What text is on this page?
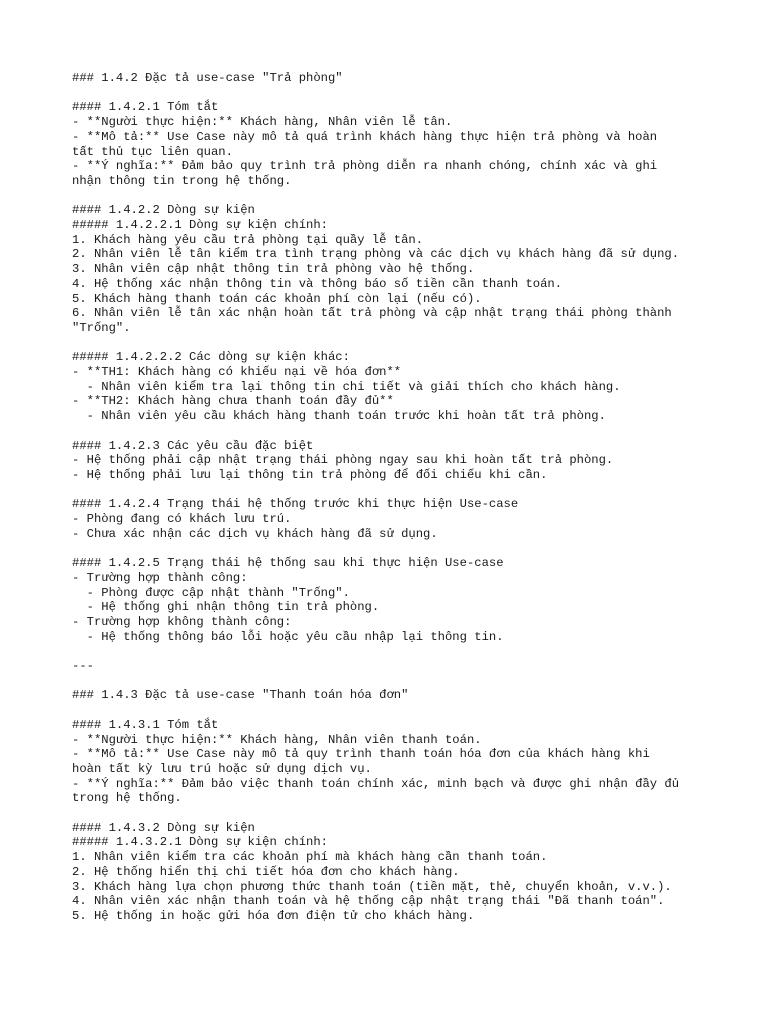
### 1.4.2 Đặc tả use-case "Trả phòng"
#### 1.4.2.1 Tóm tắt
- **Người thực hiện:** Khách hàng, Nhân viên lễ tân.
- **Mô tả:** Use Case này mô tả quá trình khách hàng thực hiện trả phòng và hoàn
tất thủ tục liên quan.
- **Ý nghĩa:** Đảm bảo quy trình trả phòng diễn ra nhanh chóng, chính xác và ghi
nhận thông tin trong hệ thống.
#### 1.4.2.2 Dòng sự kiện
##### 1.4.2.2.1 Dòng sự kiện chính:
1. Khách hàng yêu cầu trả phòng tại quầy lễ tân.
2. Nhân viên lễ tân kiểm tra tình trạng phòng và các dịch vụ khách hàng đã sử dụng.
3. Nhân viên cập nhật thông tin trả phòng vào hệ thống.
4. Hệ thống xác nhận thông tin và thông báo số tiền cần thanh toán.
5. Khách hàng thanh toán các khoản phí còn lại (nếu có).
6. Nhân viên lễ tân xác nhận hoàn tất trả phòng và cập nhật trạng thái phòng thành
"Trống".
##### 1.4.2.2.2 Các dòng sự kiện khác:
- **TH1: Khách hàng có khiếu nại về hóa đơn**
- Nhân viên kiểm tra lại thông tin chi tiết và giải thích cho khách hàng.
- **TH2: Khách hàng chưa thanh toán đầy đủ**
- Nhân viên yêu cầu khách hàng thanh toán trước khi hoàn tất trả phòng.
#### 1.4.2.3 Các yêu cầu đặc biệt
- Hệ thống phải cập nhật trạng thái phòng ngay sau khi hoàn tất trả phòng.
- Hệ thống phải lưu lại thông tin trả phòng để đối chiếu khi cần.
#### 1.4.2.4 Trạng thái hệ thống trước khi thực hiện Use-case
- Phòng đang có khách lưu trú.
- Chưa xác nhận các dịch vụ khách hàng đã sử dụng.
#### 1.4.2.5 Trạng thái hệ thống sau khi thực hiện Use-case
- Trường hợp thành công:
- Phòng được cập nhật thành "Trống".
- Hệ thống ghi nhận thông tin trả phòng.
- Trường hợp không thành công:
- Hệ thống thông báo lỗi hoặc yêu cầu nhập lại thông tin.
---
### 1.4.3 Đặc tả use-case "Thanh toán hóa đơn"
#### 1.4.3.1 Tóm tắt
- **Người thực hiện:** Khách hàng, Nhân viên thanh toán.
- **Mô tả:** Use Case này mô tả quy trình thanh toán hóa đơn của khách hàng khi
hoàn tất kỳ lưu trú hoặc sử dụng dịch vụ.
- **Ý nghĩa:** Đảm bảo việc thanh toán chính xác, minh bạch và được ghi nhận đầy đủ
trong hệ thống.
#### 1.4.3.2 Dòng sự kiện
##### 1.4.3.2.1 Dòng sự kiện chính:
1. Nhân viên kiểm tra các khoản phí mà khách hàng cần thanh toán.
2. Hệ thống hiển thị chi tiết hóa đơn cho khách hàng.
3. Khách hàng lựa chọn phương thức thanh toán (tiền mặt, thẻ, chuyển khoản, v.v.).
4. Nhân viên xác nhận thanh toán và hệ thống cập nhật trạng thái "Đã thanh toán".
5. Hệ thống in hoặc gửi hóa đơn điện tử cho khách hàng.
